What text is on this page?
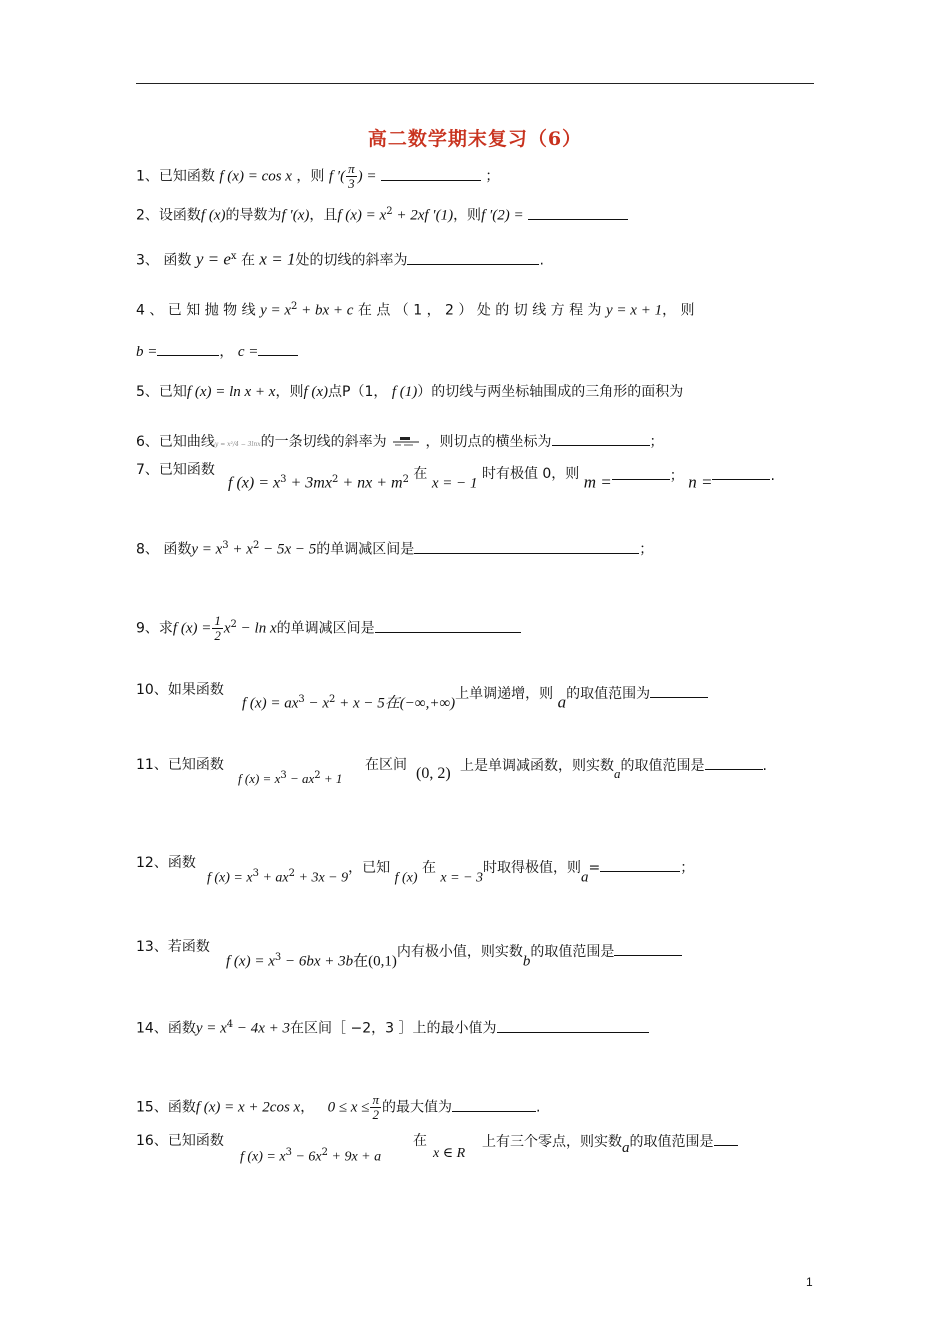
高二数学期末复习（6）
1、已知函数 f (x) = cos x ，则 f ′( $\frac{\pi}{3}$ ) =	；
2、设函数f (x)的导数为f ′(x)，且f $(x) = x^2 + 2xf$ ′(1)，则f ′(2) =
3、 函数 $y = e^x$ 在 x = 1处的切线的斜率为	.
4 、 已 知 抛 物 线 $y = x^2$ + bx + c 在 点 （ 1 ， 2 ） 处 的 切 线 方 程 为 y = x + 1， 则
b =	， c =
5、已知f (x) = ln x + x，则f (x)点P（1， f (1)）的切线与两坐标轴围成的三角形的面积为
6、已知曲线y = x²/4 − 3lnx的一条切线的斜率为	，则切点的横坐标为	；
7、已知函数
f $(x) = x^3 + 3mx^2$ + nx + $m^2$ 在 x = − 1 时有极值 0，则 m =	； n =	.
8、 函数$y = x^3 + x^2 - 5x - 5$的单调减区间是	；
9、求f $(x) = \frac{1}{2} x^2 - \ln x$的单调减区间是
10、如果函数
f $(x) = ax^3 - x^2 + x - 5$在(−∞,+∞)上单调递增，则 a的取值范围为
11、已知函数
f $(x) = x^3 - ax^2 + 1$
在区间 (0, 2) 上是单调减函数，则实数a的取值范围是	.
12、函数
f $(x) = x^3 + ax^2 + 3x - 9$，已知 f (x) 在 x = − 3时取得极值，则a=	；
13、若函数
f $(x) = x^3 - 6bx + 3b$在(0,1)内有极小值，则实数b的取值范围是
14、函数$y = x^4 - 4x + 3$在区间［ −2，3 ］上的最小值为
15、函数f (x) = x + 2cos x， $0 \le x \le \frac{\pi}{2}$ 的最大值为	.
16、已知函数
f $(x) = x^3 - 6x^2 + 9x + a$
在
x ∈ R
上有三个零点，则实数a的取值范围是
1
